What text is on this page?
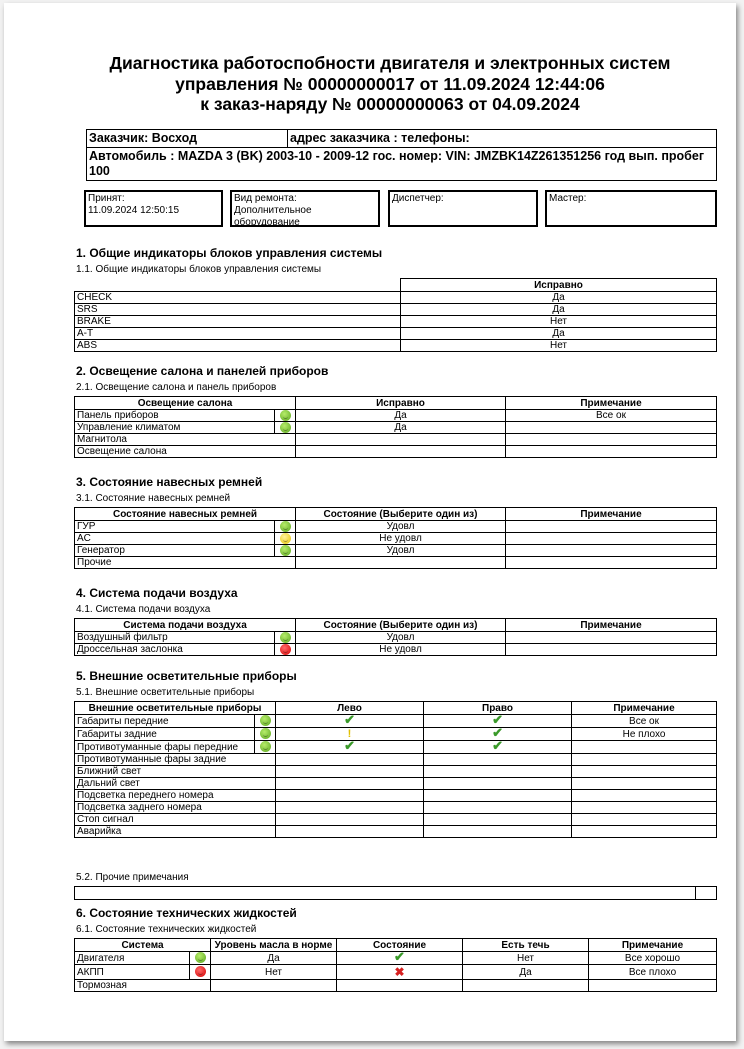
Диагностика работоспобности двигателя и электронных систем
управления № 00000000017 от 11.09.2024 12:44:06
к заказ-наряду № 00000000063 от 04.09.2024
Заказчик: Восход	адрес заказчика : телефоны:
Автомобиль : MAZDA 3 (BK) 2003-10 - 2009-12 гос. номер: VIN: JMZBK14Z261351256 год вып. пробег 100
Принят:
11.09.2024 12:50:15
Вид ремонта:
Дополнительное оборудование
Диспетчер:	Мастер:
1. Общие индикаторы блоков управления системы
1.1. Общие индикаторы блоков управления системы
	Исправно
CHECK	Да
SRS	Да
BRAKE	Нет
A-T	Да
ABS	Нет
2. Освещение салона и панелей приборов
2.1. Освещение салона и панель приборов
Освещение салона		Исправно	Примечание
Панель приборов		Да	Все ок
Управление климатом		Да	
Магнитола			
Освещение салона			
3. Состояние навесных ремней
3.1. Состояние навесных ремней
Состояние навесных ремней		Состояние (Выберите один из)	Примечание
ГУР		Удовл	
AC		Не удовл	
Генератор		Удовл	
Прочие			
4. Система подачи воздуха
4.1. Система подачи воздуха
Система подачи воздуха		Состояние (Выберите один из)	Примечание
Воздушный фильтр		Удовл	
Дроссельная заслонка		Не удовл	
5. Внешние осветительные приборы
5.1. Внешние осветительные приборы
Внешние осветительные приборы		Лево	Право	Примечание
Габариты передние		✔	✔	Все ок
Габариты задние		!	✔	Не плохо
Противотуманные фары передние		✔	✔	
Противотуманные фары задние				
Ближний свет				
Дальний свет				
Подсветка переднего номера				
Подсветка заднего номера				
Стоп сигнал				
Аварийка				
5.2. Прочие примечания

6. Состояние технических жидкостей
6.1. Состояние технических жидкостей
Система		Уровень масла в норме	Состояние	Есть течь	Примечание
Двигателя		Да	✔	Нет	Все хорошо
АКПП		Нет	✖	Да	Все плохо
Тормозная					
